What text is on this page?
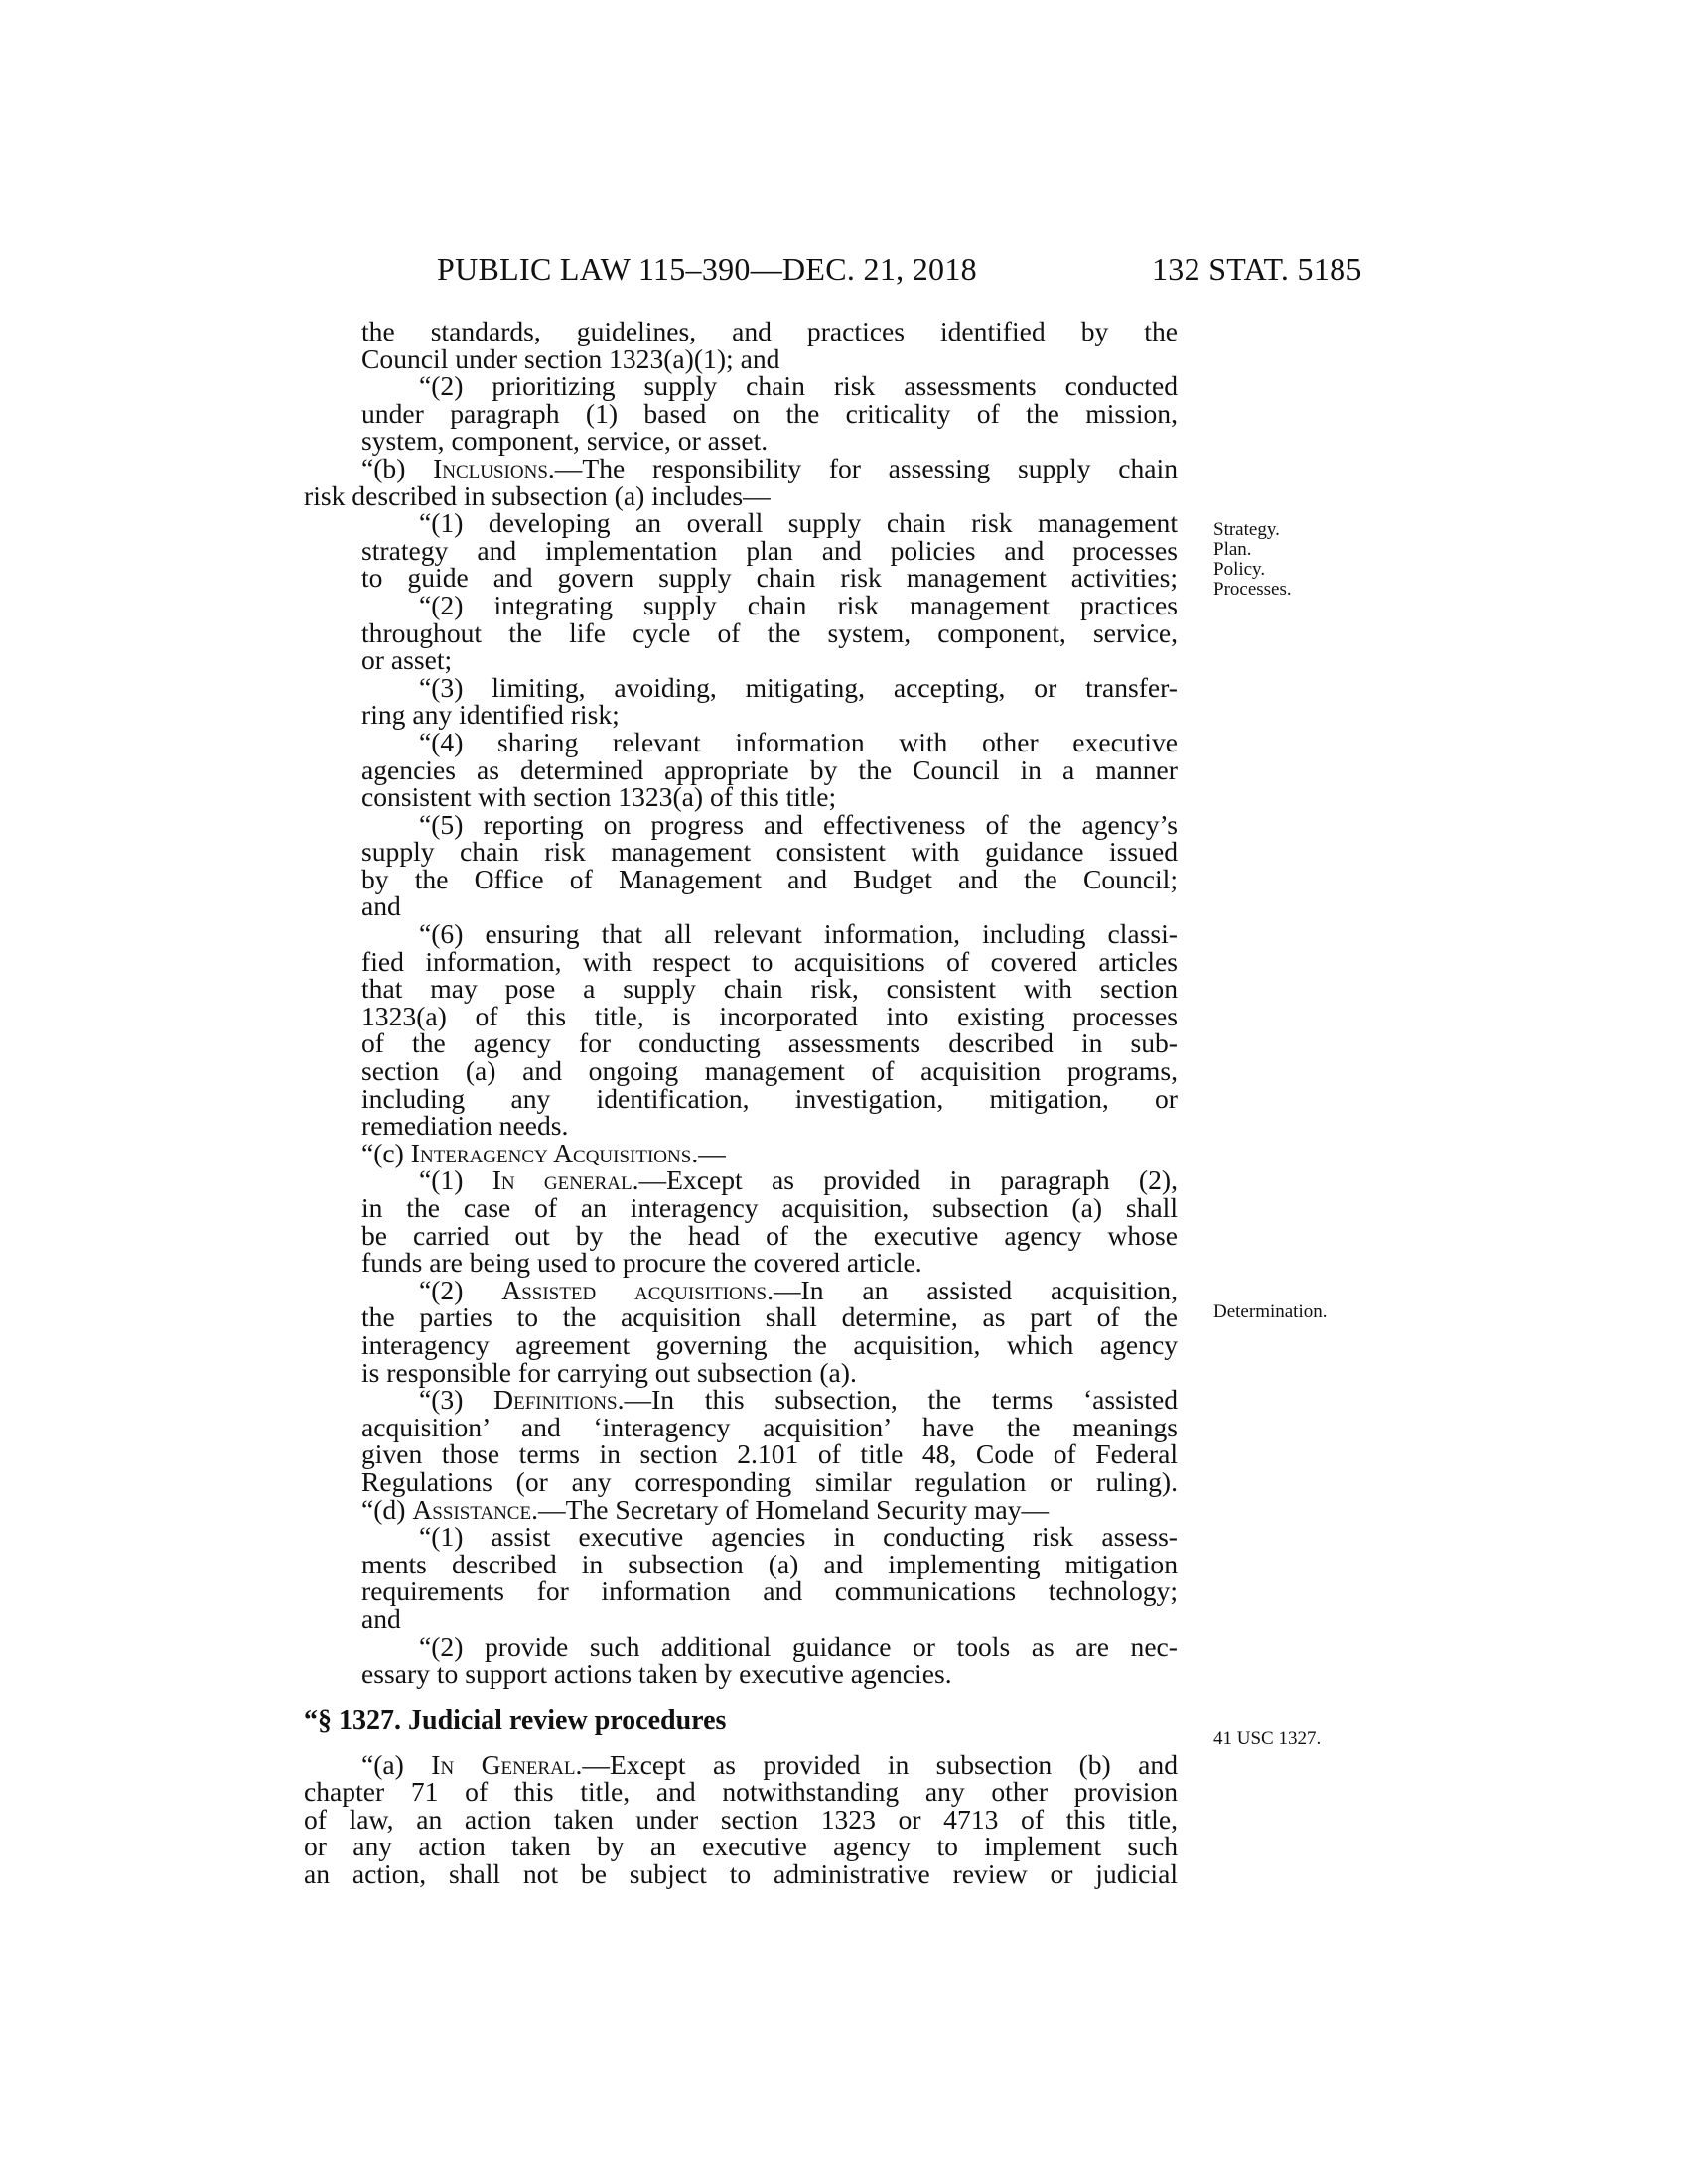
PUBLIC LAW 115–390—DEC. 21, 2018	132 STAT. 5185

the standards, guidelines, and practices identified by the

Council under section 1323(a)(1); and

“(2) prioritizing supply chain risk assessments conducted

under paragraph (1) based on the criticality of the mission,

system, component, service, or asset.

“(b) Inclusions.—The responsibility for assessing supply chain

risk described in subsection (a) includes—

“(1) developing an overall supply chain risk management

strategy and implementation plan and policies and processes

to guide and govern supply chain risk management activities;

“(2) integrating supply chain risk management practices

throughout the life cycle of the system, component, service,

or asset;

“(3) limiting, avoiding, mitigating, accepting, or transfer-

ring any identified risk;

“(4) sharing relevant information with other executive

agencies as determined appropriate by the Council in a manner

consistent with section 1323(a) of this title;

“(5) reporting on progress and effectiveness of the agency’s

supply chain risk management consistent with guidance issued

by the Office of Management and Budget and the Council;

and

“(6) ensuring that all relevant information, including classi-

fied information, with respect to acquisitions of covered articles

that may pose a supply chain risk, consistent with section

1323(a) of this title, is incorporated into existing processes

of the agency for conducting assessments described in sub-

section (a) and ongoing management of acquisition programs,

including any identification, investigation, mitigation, or

remediation needs.

“(c) Interagency Acquisitions.—

“(1) In general.—Except as provided in paragraph (2),

in the case of an interagency acquisition, subsection (a) shall

be carried out by the head of the executive agency whose

funds are being used to procure the covered article.

“(2) Assisted acquisitions.—In an assisted acquisition,

the parties to the acquisition shall determine, as part of the

interagency agreement governing the acquisition, which agency

is responsible for carrying out subsection (a).

“(3) Definitions.—In this subsection, the terms ‘assisted

acquisition’ and ‘interagency acquisition’ have the meanings

given those terms in section 2.101 of title 48, Code of Federal

Regulations (or any corresponding similar regulation or ruling).

“(d) Assistance.—The Secretary of Homeland Security may—

“(1) assist executive agencies in conducting risk assess-

ments described in subsection (a) and implementing mitigation

requirements for information and communications technology;

and

“(2) provide such additional guidance or tools as are nec-

essary to support actions taken by executive agencies.

“§ 1327. Judicial review procedures

“(a) In General.—Except as provided in subsection (b) and

chapter 71 of this title, and notwithstanding any other provision

of law, an action taken under section 1323 or 4713 of this title,

or any action taken by an executive agency to implement such

an action, shall not be subject to administrative review or judicial

Strategy.
Plan.
Policy.
Processes.
Determination.
41 USC 1327.
